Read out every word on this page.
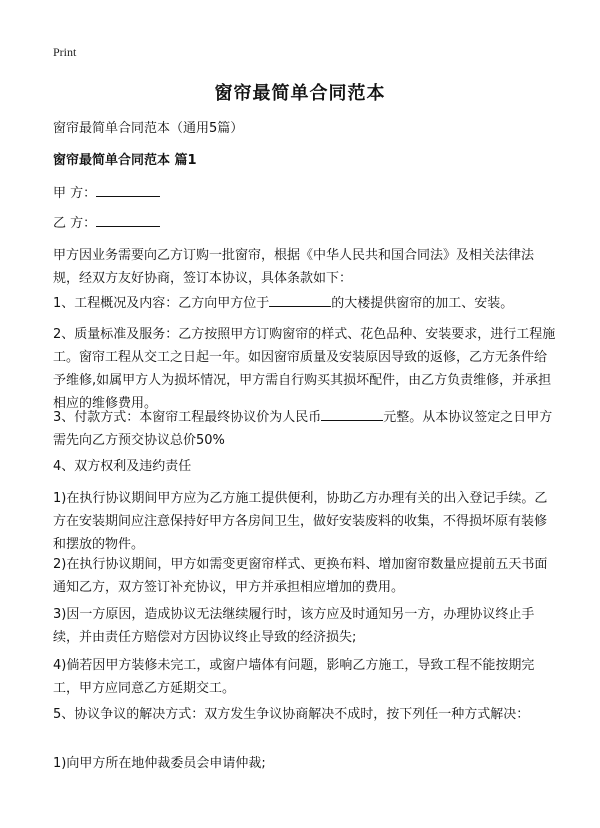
Print
窗帘最简单合同范本

窗帘最简单合同范本（通用5篇）

窗帘最简单合同范本 篇1

甲 方：

乙 方：

甲方因业务需要向乙方订购一批窗帘，根据《中华人民共和国合同法》及相关法律法规，经双方友好协商，签订本协议，具体条款如下：

1、工程概况及内容：乙方向甲方位于	的大楼提供窗帘的加工、安装。

2、质量标准及服务：乙方按照甲方订购窗帘的样式、花色品种、安装要求，进行工程施工。窗帘工程从交工之日起一年。如因窗帘质量及安装原因导致的返修，乙方无条件给予维修,如属甲方人为损坏情况，甲方需自行购买其损坏配件，由乙方负责维修，并承担相应的维修费用。

3、付款方式：本窗帘工程最终协议价为人民币	元整。从本协议签定之日甲方需先向乙方预交协议总价50%

4、双方权利及违约责任

1)在执行协议期间甲方应为乙方施工提供便利，协助乙方办理有关的出入登记手续。乙方在安装期间应注意保持好甲方各房间卫生，做好安装废料的收集，不得损坏原有装修和摆放的物件。

2)在执行协议期间，甲方如需变更窗帘样式、更换布料、增加窗帘数量应提前五天书面通知乙方，双方签订补充协议，甲方并承担相应增加的费用。

3)因一方原因，造成协议无法继续履行时，该方应及时通知另一方，办理协议终止手续，并由责任方赔偿对方因协议终止导致的经济损失;

4)倘若因甲方装修未完工，或窗户墙体有问题，影响乙方施工，导致工程不能按期完工，甲方应同意乙方延期交工。

5、协议争议的解决方式：双方发生争议协商解决不成时，按下列任一种方式解决：

1)向甲方所在地仲裁委员会申请仲裁;
